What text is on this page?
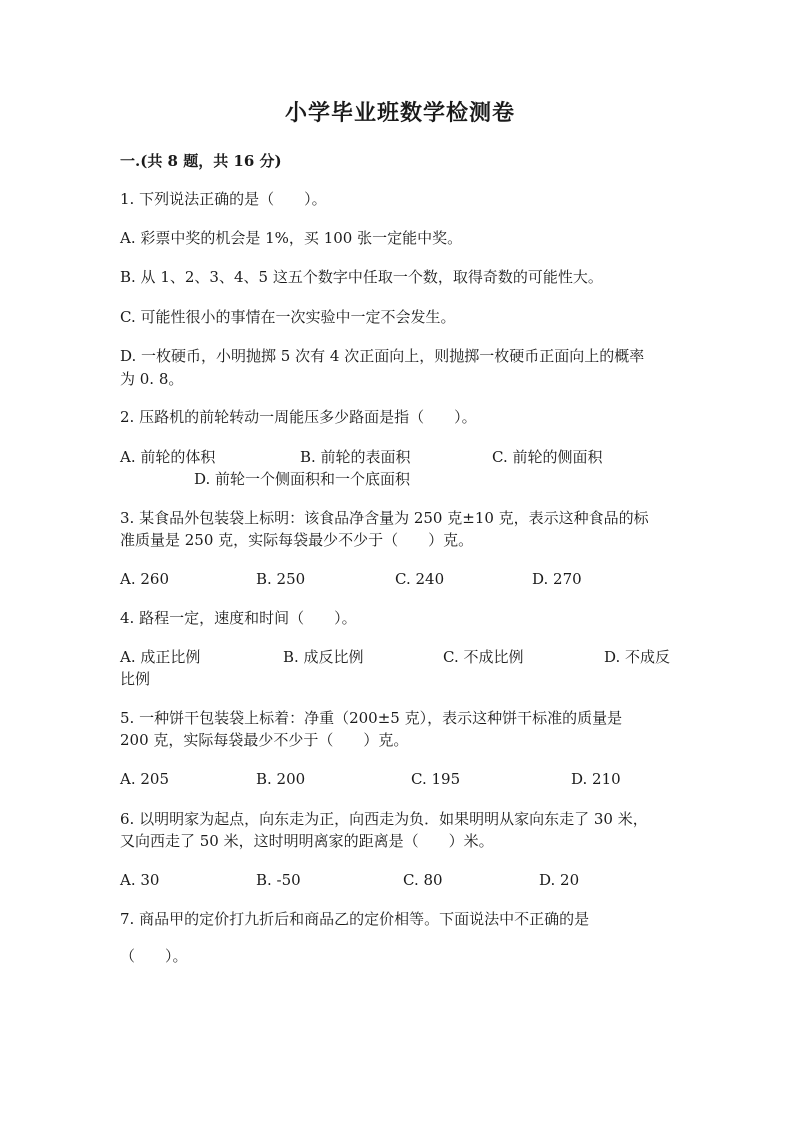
小学毕业班数学检测卷
一.(共 8 题，共 16 分)
1. 下列说法正确的是（　　）。
A. 彩票中奖的机会是 1%，买 100 张一定能中奖。
B. 从 1、2、3、4、5 这五个数字中任取一个数，取得奇数的可能性大。
C. 可能性很小的事情在一次实验中一定不会发生。
D. 一枚硬币，小明抛掷 5 次有 4 次正面向上，则抛掷一枚硬币正面向上的概率
为 0. 8。
2. 压路机的前轮转动一周能压多少路面是指（　　）。
A. 前轮的体积	B. 前轮的表面积	C. 前轮的侧面积
D. 前轮一个侧面积和一个底面积
3. 某食品外包装袋上标明：该食品净含量为 250 克±10 克，表示这种食品的标
准质量是 250 克，实际每袋最少不少于（　　）克。
A. 260	B. 250	C. 240	D. 270
4. 路程一定，速度和时间（　　）。
A. 成正比例	B. 成反比例	C. 不成比例	D. 不成反
比例
5. 一种饼干包装袋上标着：净重（200±5 克），表示这种饼干标准的质量是
200 克，实际每袋最少不少于（　　）克。
A. 205	B. 200	C. 195	D. 210
6. 以明明家为起点，向东走为正，向西走为负．如果明明从家向东走了 30 米，
又向西走了 50 米，这时明明离家的距离是（　　）米。
A. 30	B. -50	C. 80	D. 20
7. 商品甲的定价打九折后和商品乙的定价相等。下面说法中不正确的是
（　　）。
